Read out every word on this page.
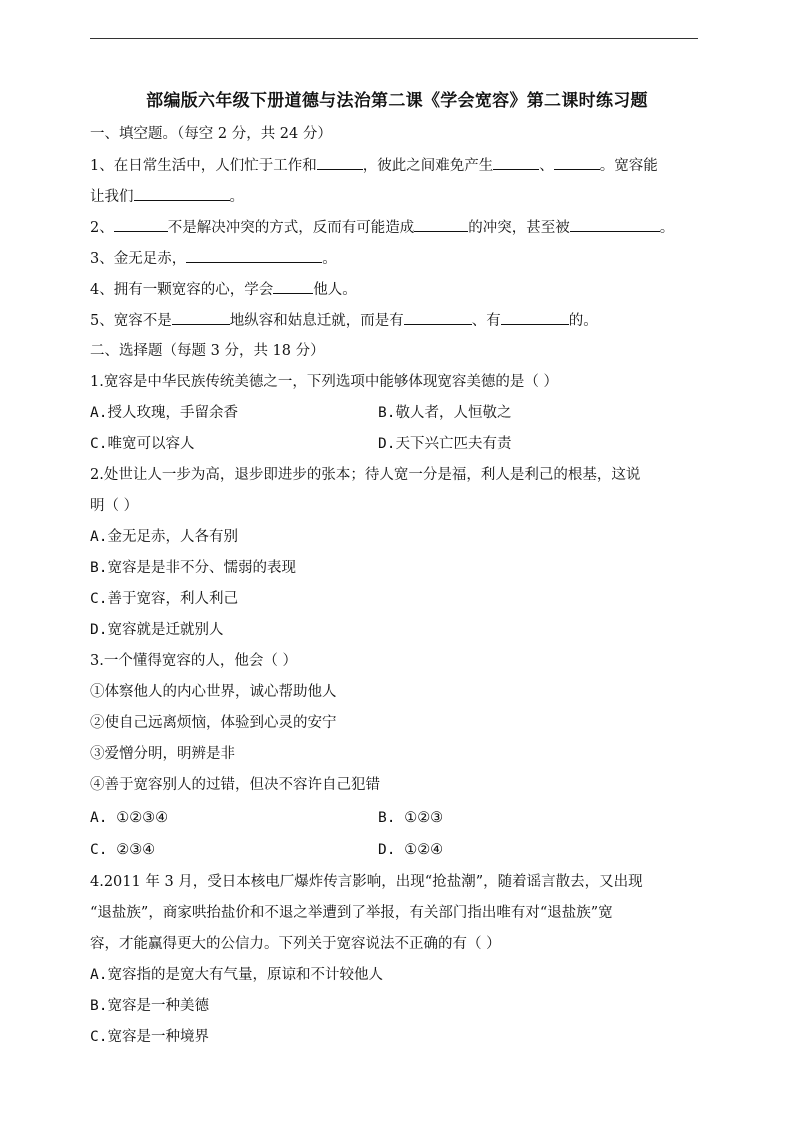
部编版六年级下册道德与法治第二课《学会宽容》第二课时练习题
一、填空题。（每空 2 分，共 24 分）
1、在日常生活中，人们忙于工作和	，彼此之间难免产生	、	。宽容能
让我们	。
2、	不是解决冲突的方式，反而有可能造成	的冲突，甚至被	。
3、金无足赤，	。
4、拥有一颗宽容的心，学会	他人。
5、宽容不是	地纵容和姑息迁就，而是有	、有	的。
二、选择题（每题 3 分，共 18 分）
1.宽容是中华民族传统美德之一，下列选项中能够体现宽容美德的是（ ）
A.授人玫瑰，手留余香	B.敬人者，人恒敬之
C.唯宽可以容人	D.天下兴亡匹夫有责
2.处世让人一步为高，退步即进步的张本；待人宽一分是福，利人是利己的根基，这说
明（ ）
A.金无足赤，人各有别
B.宽容是是非不分、懦弱的表现
C.善于宽容，利人利己
D.宽容就是迁就别人
3.一个懂得宽容的人，他会（ ）
①体察他人的内心世界，诚心帮助他人
②使自己远离烦恼，体验到心灵的安宁
③爱憎分明，明辨是非
④善于宽容别人的过错，但决不容许自己犯错
A. ①②③④	B. ①②③
C. ②③④	D. ①②④
4.2011 年 3 月，受日本核电厂爆炸传言影响，出现“抢盐潮”，随着谣言散去，又出现
“退盐族”，商家哄抬盐价和不退之举遭到了举报，有关部门指出唯有对“退盐族”宽
容，才能赢得更大的公信力。下列关于宽容说法不正确的有（ ）
A.宽容指的是宽大有气量，原谅和不计较他人
B.宽容是一种美德
C.宽容是一种境界
